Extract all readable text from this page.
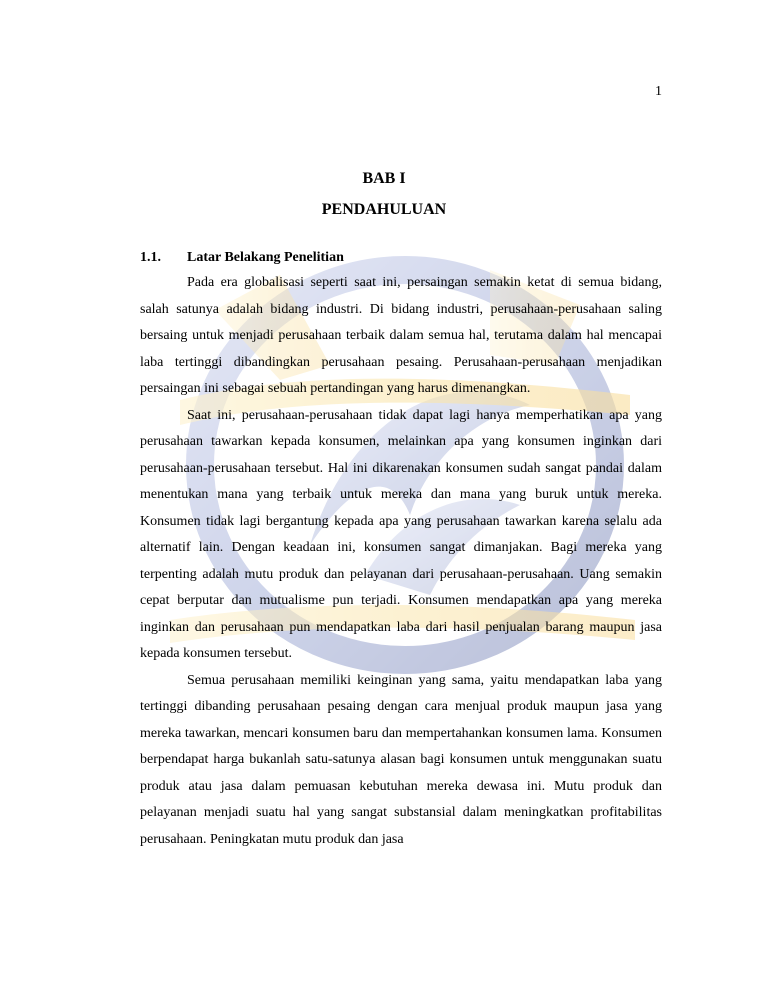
1
BAB I
PENDAHULUAN
1.1. Latar Belakang Penelitian

Pada era globalisasi seperti saat ini, persaingan semakin ketat di semua bidang, salah satunya adalah bidang industri. Di bidang industri, perusahaan-perusahaan saling bersaing untuk menjadi perusahaan terbaik dalam semua hal, terutama dalam hal mencapai laba tertinggi dibandingkan perusahaan pesaing. Perusahaan-perusahaan menjadikan persaingan ini sebagai sebuah pertandingan yang harus dimenangkan.

Saat ini, perusahaan-perusahaan tidak dapat lagi hanya memperhatikan apa yang perusahaan tawarkan kepada konsumen, melainkan apa yang konsumen inginkan dari perusahaan-perusahaan tersebut. Hal ini dikarenakan konsumen sudah sangat pandai dalam menentukan mana yang terbaik untuk mereka dan mana yang buruk untuk mereka. Konsumen tidak lagi bergantung kepada apa yang perusahaan tawarkan karena selalu ada alternatif lain. Dengan keadaan ini, konsumen sangat dimanjakan. Bagi mereka yang terpenting adalah mutu produk dan pelayanan dari perusahaan-perusahaan. Uang semakin cepat berputar dan mutualisme pun terjadi. Konsumen mendapatkan apa yang mereka inginkan dan perusahaan pun mendapatkan laba dari hasil penjualan barang maupun jasa kepada konsumen tersebut.

Semua perusahaan memiliki keinginan yang sama, yaitu mendapatkan laba yang tertinggi dibanding perusahaan pesaing dengan cara menjual produk maupun jasa yang mereka tawarkan, mencari konsumen baru dan mempertahankan konsumen lama. Konsumen berpendapat harga bukanlah satu-satunya alasan bagi konsumen untuk menggunakan suatu produk atau jasa dalam pemuasan kebutuhan mereka dewasa ini. Mutu produk dan pelayanan menjadi suatu hal yang sangat substansial dalam meningkatkan profitabilitas perusahaan. Peningkatan mutu produk dan jasa
